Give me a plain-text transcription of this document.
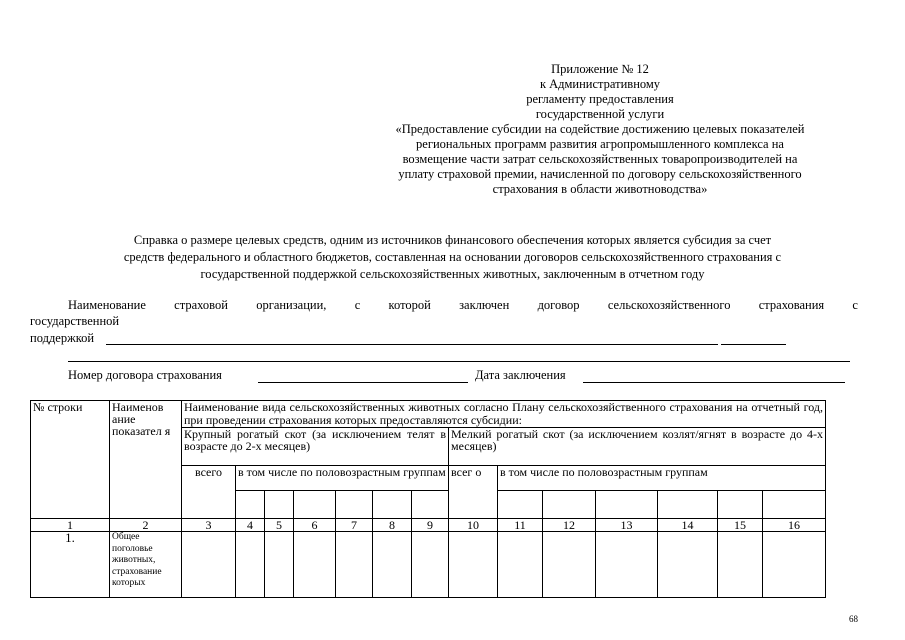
Приложение № 12
к Административному
регламенту предоставления
государственной услуги
«Предоставление субсидии на содействие достижению целевых показателей
региональных программ развития агропромышленного комплекса на
возмещение части затрат сельскохозяйственных товаропроизводителей на
уплату страховой премии, начисленной по договору сельскохозяйственного
страхования в области животноводства»
Справка о размере целевых средств, одним из источников финансового обеспечения которых является субсидия за счет
средств федерального и областного бюджетов, составленная на основании договоров сельскохозяйственного страхования с
государственной поддержкой сельскохозяйственных животных, заключенным в отчетном году
Наименование страховой организации, с которой заключен договор сельскохозяйственного страхования с
государственной
поддержкой
Номер договора страхования	Дата заключения
№ строки	Наименов ание показател я	Наименование вида сельскохозяйственных животных согласно Плану сельскохозяйственного страхования на отчетный год, при проведении страхования которых предоставляются субсидии:													
		Крупный рогатый скот (за исключением телят в возрасте до 2-х месяцев)							Мелкий рогатый скот (за исключением козлят/ягнят в возрасте до 4-х месяцев)						
		всего	в том числе по половозрастным группам						всег о	в том числе по половозрастным группам					

1	2	3	4	5	6	7	8	9	10	11	12	13	14	15	16
1.	Общее поголовье животных, страхование которых														
68
